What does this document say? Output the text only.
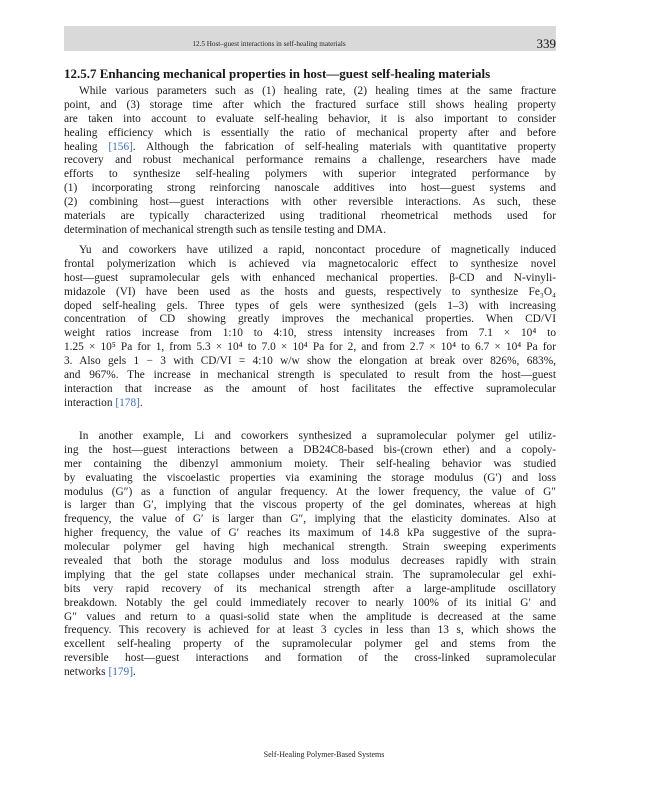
12.5 Host–guest interactions in self-healing materials	339
12.5.7 Enhancing mechanical properties in host—guest self-healing materials
While various parameters such as (1) healing rate, (2) healing times at the same fracture
point, and (3) storage time after which the fractured surface still shows healing property
are taken into account to evaluate self-healing behavior, it is also important to consider
healing efficiency which is essentially the ratio of mechanical property after and before
healing [156]. Although the fabrication of self-healing materials with quantitative property
recovery and robust mechanical performance remains a challenge, researchers have made
efforts to synthesize self-healing polymers with superior integrated performance by
(1) incorporating strong reinforcing nanoscale additives into host—guest systems and
(2) combining host—guest interactions with other reversible interactions. As such, these
materials are typically characterized using traditional rheometrical methods used for
determination of mechanical strength such as tensile testing and DMA.
Yu and coworkers have utilized a rapid, noncontact procedure of magnetically induced
frontal polymerization which is achieved via magnetocaloric effect to synthesize novel
host—guest supramolecular gels with enhanced mechanical properties. β-CD and N-vinyli-
midazole (VI) have been used as the hosts and guests, respectively to synthesize Fe₃O₄
doped self-healing gels. Three types of gels were synthesized (gels 1–3) with increasing
concentration of CD showing greatly improves the mechanical properties. When CD/VI
weight ratios increase from 1:10 to 4:10, stress intensity increases from 7.1 × 10⁴ to
1.25 × 10⁵ Pa for 1, from 5.3 × 10⁴ to 7.0 × 10⁴ Pa for 2, and from 2.7 × 10⁴ to 6.7 × 10⁴ Pa for
3. Also gels 1 − 3 with CD/VI = 4:10 w/w show the elongation at break over 826%, 683%,
and 967%. The increase in mechanical strength is speculated to result from the host—guest
interaction that increase as the amount of host facilitates the effective supramolecular
interaction [178].
In another example, Li and coworkers synthesized a supramolecular polymer gel utiliz-
ing the host—guest interactions between a DB24C8-based bis-(crown ether) and a copoly-
mer containing the dibenzyl ammonium moiety. Their self-healing behavior was studied
by evaluating the viscoelastic properties via examining the storage modulus (G′) and loss
modulus (G″) as a function of angular frequency. At the lower frequency, the value of G″
is larger than G′, implying that the viscous property of the gel dominates, whereas at high
frequency, the value of G′ is larger than G″, implying that the elasticity dominates. Also at
higher frequency, the value of G′ reaches its maximum of 14.8 kPa suggestive of the supra-
molecular polymer gel having high mechanical strength. Strain sweeping experiments
revealed that both the storage modulus and loss modulus decreases rapidly with strain
implying that the gel state collapses under mechanical strain. The supramolecular gel exhi-
bits very rapid recovery of its mechanical strength after a large-amplitude oscillatory
breakdown. Notably the gel could immediately recover to nearly 100% of its initial G′ and
G″ values and return to a quasi-solid state when the amplitude is decreased at the same
frequency. This recovery is achieved for at least 3 cycles in less than 13 s, which shows the
excellent self-healing property of the supramolecular polymer gel and stems from the
reversible host—guest interactions and formation of the cross-linked supramolecular
networks [179].
Self-Healing Polymer-Based Systems
